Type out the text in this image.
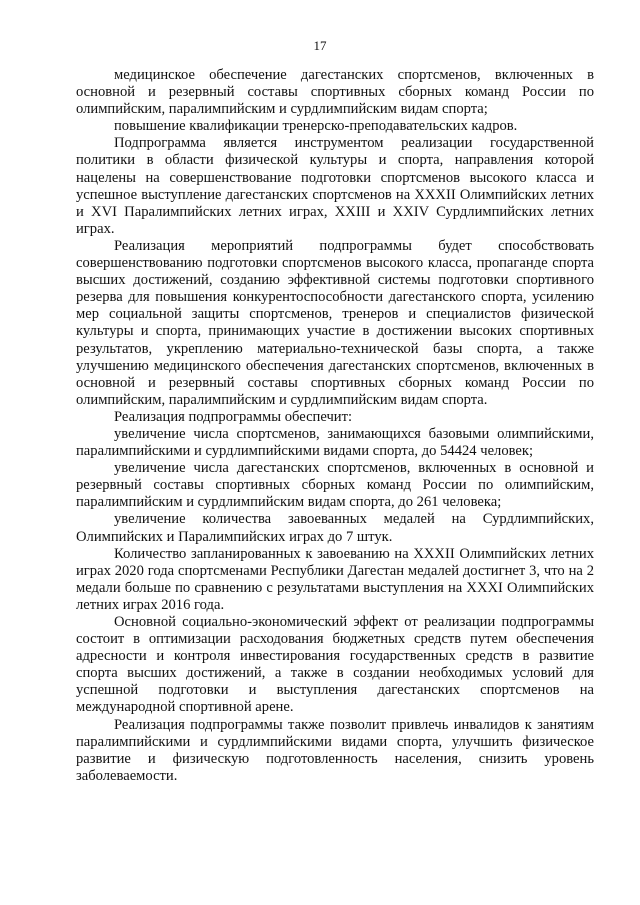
17

медицинское обеспечение дагестанских спортсменов, включенных в основной и резервный составы спортивных сборных команд России по олимпийским, паралимпийским и сурдлимпийским видам спорта;

повышение квалификации тренерско-преподавательских кадров.

Подпрограмма является инструментом реализации государственной политики в области физической культуры и спорта, направления которой нацелены на совершенствование подготовки спортсменов высокого класса и успешное выступление дагестанских спортсменов на XXXII Олимпийских летних и XVI Паралимпийских летних играх, XXIII и XXIV Сурдлимпийских летних играх.

Реализация мероприятий подпрограммы будет способствовать совершенствованию подготовки спортсменов высокого класса, пропаганде спорта высших достижений, созданию эффективной системы подготовки спортивного резерва для повышения конкурентоспособности дагестанского спорта, усилению мер социальной защиты спортсменов, тренеров и специалистов физической культуры и спорта, принимающих участие в достижении высоких спортивных результатов, укреплению материально-технической базы спорта, а также улучшению медицинского обеспечения дагестанских спортсменов, включенных в основной и резервный составы спортивных сборных команд России по олимпийским, паралимпийским и сурдлимпийским видам спорта.

Реализация подпрограммы обеспечит:

увеличение числа спортсменов, занимающихся базовыми олимпийскими, паралимпийскими и сурдлимпийскими видами спорта, до 54424 человек;

увеличение числа дагестанских спортсменов, включенных в основной и резервный составы спортивных сборных команд России по олимпийским, паралимпийским и сурдлимпийским видам спорта, до 261 человека;

увеличение количества завоеванных медалей на Сурдлимпийских, Олимпийских и Паралимпийских играх до 7 штук.

Количество запланированных к завоеванию на XXXII Олимпийских летних играх 2020 года спортсменами Республики Дагестан медалей достигнет 3, что на 2 медали больше по сравнению с результатами выступления на XXXI Олимпийских летних играх 2016 года.

Основной социально-экономический эффект от реализации подпрограммы состоит в оптимизации расходования бюджетных средств путем обеспечения адресности и контроля инвестирования государственных средств в развитие спорта высших достижений, а также в создании необходимых условий для успешной подготовки и выступления дагестанских спортсменов на международной спортивной арене.

Реализация подпрограммы также позволит привлечь инвалидов к занятиям паралимпийскими и сурдлимпийскими видами спорта, улучшить физическое развитие и физическую подготовленность населения, снизить уровень заболеваемости.
